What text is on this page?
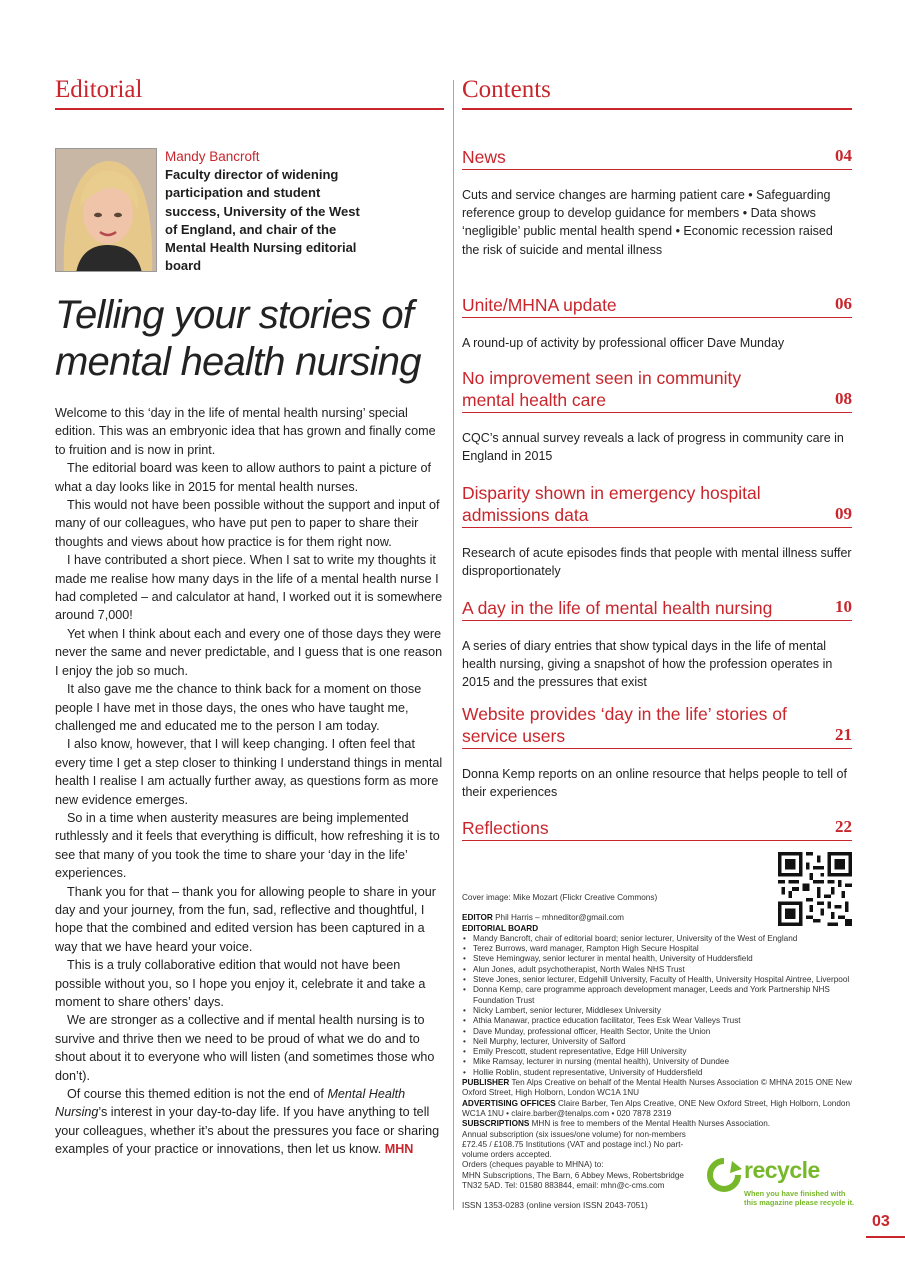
Editorial	Contents
Mandy Bancroft
Faculty director of widening participation and student success, University of the West of England, and chair of the Mental Health Nursing editorial board
Telling your stories of mental health nursing

Welcome to this ‘day in the life of mental health nursing’ special edition. This was an embryonic idea that has grown and finally come to fruition and is now in print.

The editorial board was keen to allow authors to paint a picture of what a day looks like in 2015 for mental health nurses.

This would not have been possible without the support and input of many of our colleagues, who have put pen to paper to share their thoughts and views about how practice is for them right now.

I have contributed a short piece. When I sat to write my thoughts it made me realise how many days in the life of a mental health nurse I had completed – and calculator at hand, I worked out it is somewhere around 7,000!

Yet when I think about each and every one of those days they were never the same and never predictable, and I guess that is one reason I enjoy the job so much.

It also gave me the chance to think back for a moment on those people I have met in those days, the ones who have taught me, challenged me and educated me to the person I am today.

I also know, however, that I will keep changing. I often feel that every time I get a step closer to thinking I understand things in mental health I realise I am actually further away, as questions form as more new evidence emerges.

So in a time when austerity measures are being implemented ruthlessly and it feels that everything is difficult, how refreshing it is to see that many of you took the time to share your ‘day in the life’ experiences.

Thank you for that – thank you for allowing people to share in your day and your journey, from the fun, sad, reflective and thoughtful, I hope that the combined and edited version has been captured in a way that we have heard your voice.

This is a truly collaborative edition that would not have been possible without you, so I hope you enjoy it, celebrate it and take a moment to share others’ days.

We are stronger as a collective and if mental health nursing is to survive and thrive then we need to be proud of what we do and to shout about it to everyone who will listen (and sometimes those who don’t).

Of course this themed edition is not the end of Mental Health Nursing’s interest in your day-to-day life. If you have anything to tell your colleagues, whether it’s about the pressures you face or sharing examples of your practice or innovations, then let us know. MHN

News	04
Cuts and service changes are harming patient care • Safeguarding reference group to develop guidance for members • Data shows ‘negligible’ public mental health spend • Economic recession raised the risk of suicide and mental illness
Unite/MHNA update	06
A round-up of activity by professional officer Dave Munday
No improvement seen in community mental health care	08
CQC’s annual survey reveals a lack of progress in community care in England in 2015
Disparity shown in emergency hospital admissions data	09
Research of acute episodes finds that people with mental illness suffer disproportionately
A day in the life of mental health nursing	10
A series of diary entries that show typical days in the life of mental health nursing, giving a snapshot of how the profession operates in 2015 and the pressures that exist
Website provides ‘day in the life’ stories of service users	21
Donna Kemp reports on an online resource that helps people to tell of their experiences
Reflections	22
Cover image: Mike Mozart (Flickr Creative Commons)
EDITOR Phil Harris – mhneditor@gmail.com
EDITORIAL BOARD
• Mandy Bancroft, chair of editorial board; senior lecturer, University of the West of England
• Terez Burrows, ward manager, Rampton High Secure Hospital
• Steve Hemingway, senior lecturer in mental health, University of Huddersfield
• Alun Jones, adult psychotherapist, North Wales NHS Trust
• Steve Jones, senior lecturer, Edgehill University, Faculty of Health, University Hospital Aintree, Liverpool
• Donna Kemp, care programme approach development manager, Leeds and York Partnership NHS Foundation Trust
• Nicky Lambert, senior lecturer, Middlesex University
• Athia Manawar, practice education facilitator, Tees Esk Wear Valleys Trust
• Dave Munday, professional officer, Health Sector, Unite the Union
• Neil Murphy, lecturer, University of Salford
• Emily Prescott, student representative, Edge Hill University
• Mike Ramsay, lecturer in nursing (mental health), University of Dundee
• Hollie Roblin, student representative, University of Huddersfield
PUBLISHER Ten Alps Creative on behalf of the Mental Health Nurses Association © MHNA 2015 ONE New Oxford Street, High Holborn, London WC1A 1NU
ADVERTISING OFFICES Claire Barber, Ten Alps Creative, ONE New Oxford Street, High Holborn, London WC1A 1NU • claire.barber@tenalps.com • 020 7878 2319
SUBSCRIPTIONS MHN is free to members of the Mental Health Nurses Association.
Annual subscription (six issues/one volume) for non-members £72.45 / £108.75 Institutions (VAT and postage incl.) No part-volume orders accepted.
Orders (cheques payable to MHNA) to:
MHN Subscriptions, The Barn, 6 Abbey Mews, Robertsbridge
TN32 5AD. Tel: 01580 883844, email: mhn@c-cms.com
recycle
When you have finished with this magazine please recycle it.
ISSN 1353-0283 (online version ISSN 2043-7051)
03
